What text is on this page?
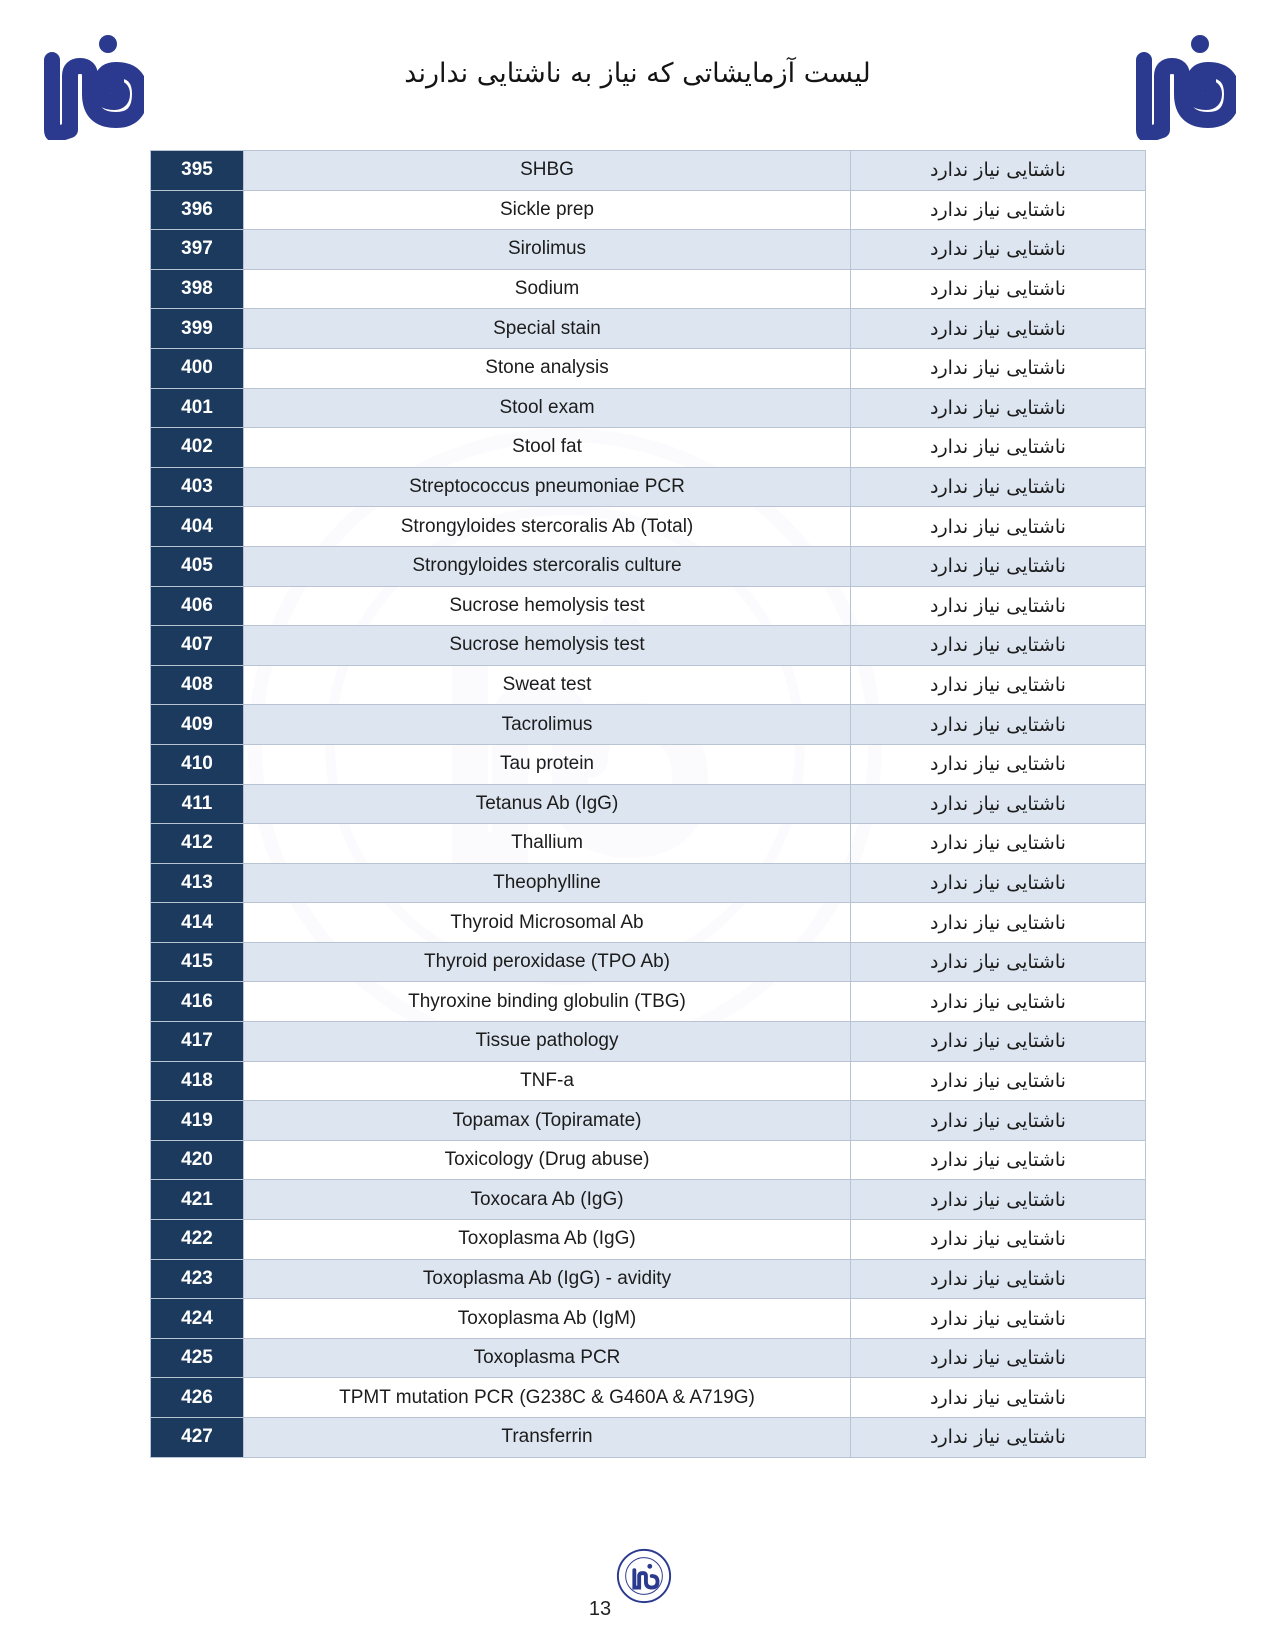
لیست آزمایشاتی که نیاز به ناشتایی ندارند
395	SHBG	ناشتایی نیاز ندارد
396	Sickle prep	ناشتایی نیاز ندارد
397	Sirolimus	ناشتایی نیاز ندارد
398	Sodium	ناشتایی نیاز ندارد
399	Special stain	ناشتایی نیاز ندارد
400	Stone analysis	ناشتایی نیاز ندارد
401	Stool exam	ناشتایی نیاز ندارد
402	Stool fat	ناشتایی نیاز ندارد
403	Streptococcus pneumoniae PCR	ناشتایی نیاز ندارد
404	Strongyloides stercoralis Ab (Total)	ناشتایی نیاز ندارد
405	Strongyloides stercoralis culture	ناشتایی نیاز ندارد
406	Sucrose hemolysis test	ناشتایی نیاز ندارد
407	Sucrose hemolysis test	ناشتایی نیاز ندارد
408	Sweat test	ناشتایی نیاز ندارد
409	Tacrolimus	ناشتایی نیاز ندارد
410	Tau protein	ناشتایی نیاز ندارد
411	Tetanus Ab (IgG)	ناشتایی نیاز ندارد
412	Thallium	ناشتایی نیاز ندارد
413	Theophylline	ناشتایی نیاز ندارد
414	Thyroid Microsomal Ab	ناشتایی نیاز ندارد
415	Thyroid peroxidase (TPO Ab)	ناشتایی نیاز ندارد
416	Thyroxine binding globulin (TBG)	ناشتایی نیاز ندارد
417	Tissue pathology	ناشتایی نیاز ندارد
418	TNF-a	ناشتایی نیاز ندارد
419	Topamax (Topiramate)	ناشتایی نیاز ندارد
420	Toxicology (Drug abuse)	ناشتایی نیاز ندارد
421	Toxocara Ab (IgG)	ناشتایی نیاز ندارد
422	Toxoplasma Ab (IgG)	ناشتایی نیاز ندارد
423	Toxoplasma Ab (IgG) - avidity	ناشتایی نیاز ندارد
424	Toxoplasma Ab (IgM)	ناشتایی نیاز ندارد
425	Toxoplasma PCR	ناشتایی نیاز ندارد
426	TPMT mutation PCR (G238C & G460A & A719G)	ناشتایی نیاز ندارد
427	Transferrin	ناشتایی نیاز ندارد
13
